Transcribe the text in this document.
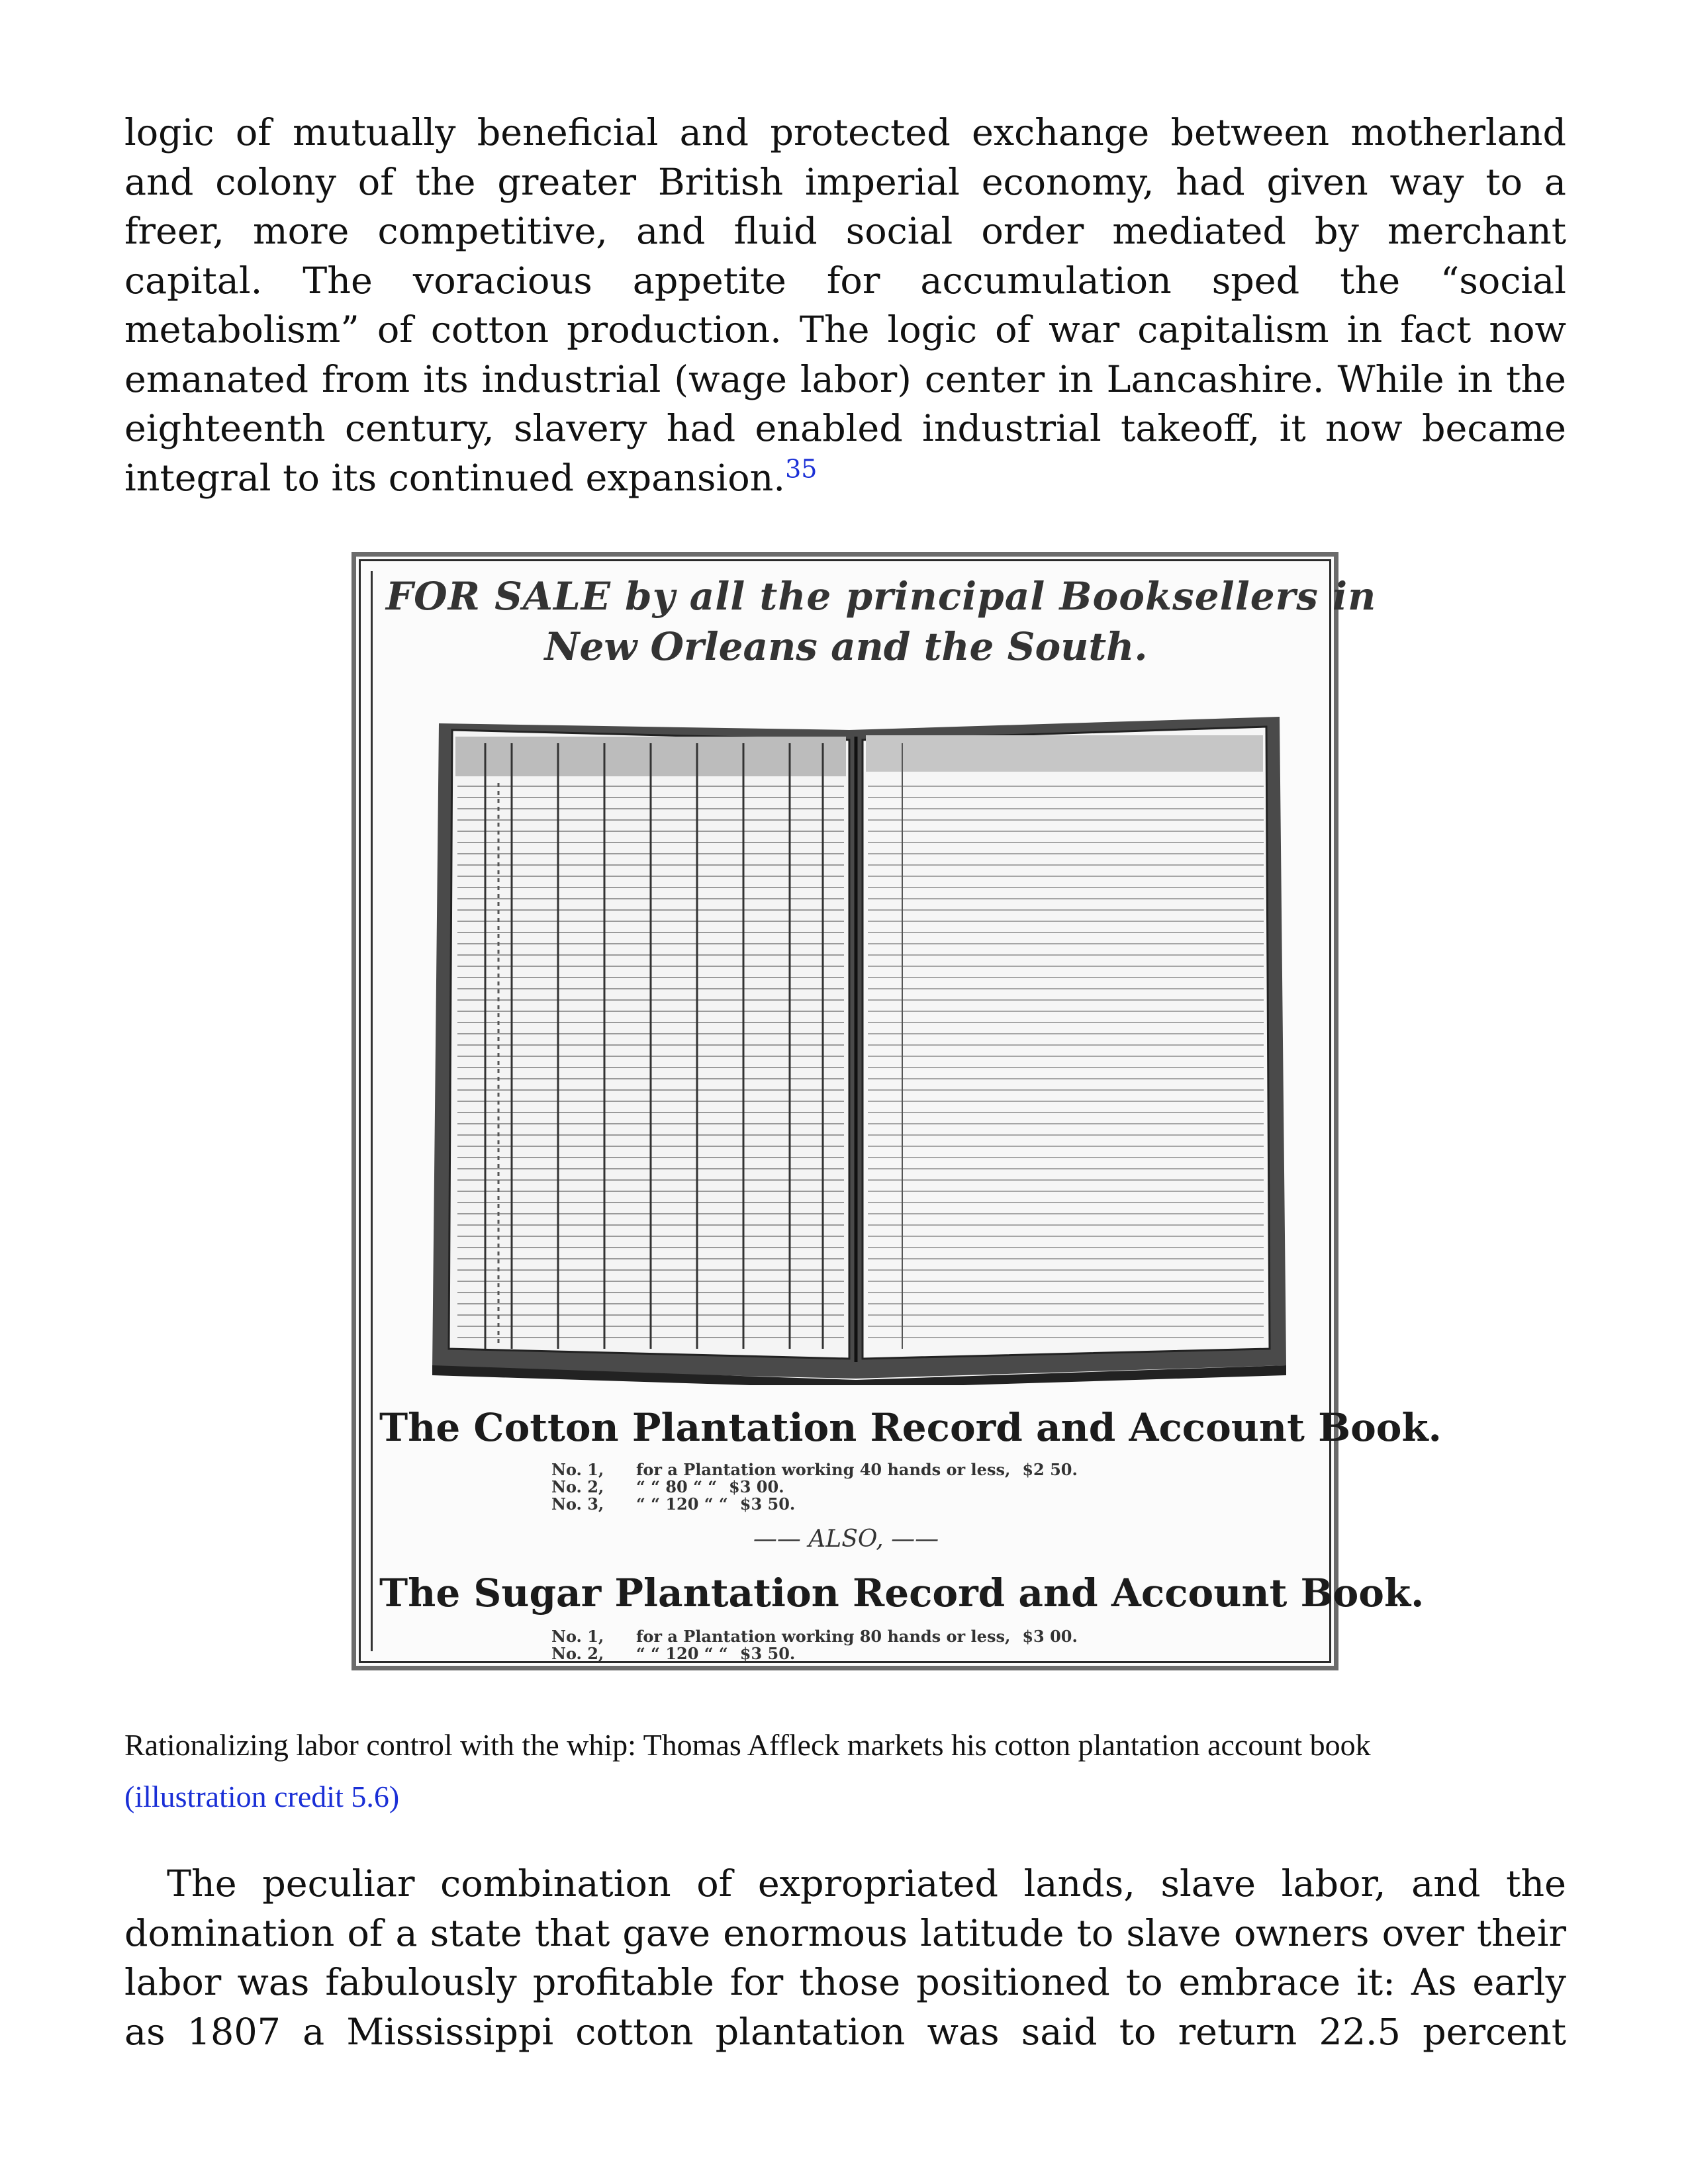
logic of mutually beneficial and protected exchange between motherland
and colony of the greater British imperial economy, had given way to a
freer, more competitive, and fluid social order mediated by merchant
capital. The voracious appetite for accumulation sped the “social
metabolism” of cotton production. The logic of war capitalism in fact now
emanated from its industrial (wage labor) center in Lancashire. While in the
eighteenth century, slavery had enabled industrial takeoff, it now became
integral to its continued expansion.$^{35}$
FOR SALE by all the principal Booksellers in
New Orleans and the South.
The Cotton Plantation Record and Account Book.
No. 1,	for a Plantation working 40 hands or less, $2 50.
No. 2,	“ “ 80 “ “ $3 00.
No. 3,	“ “ 120 “ “ $3 50.
—— ALSO, ——
The Sugar Plantation Record and Account Book.
No. 1,	for a Plantation working 80 hands or less, $3 00.
No. 2,	“ “ 120 “ “ $3 50.
Rationalizing labor control with the whip: Thomas Affleck markets his cotton plantation account book
(illustration credit 5.6)
The peculiar combination of expropriated lands, slave labor, and the
domination of a state that gave enormous latitude to slave owners over their
labor was fabulously profitable for those positioned to embrace it: As early
as 1807 a Mississippi cotton plantation was said to return 22.5 percent
